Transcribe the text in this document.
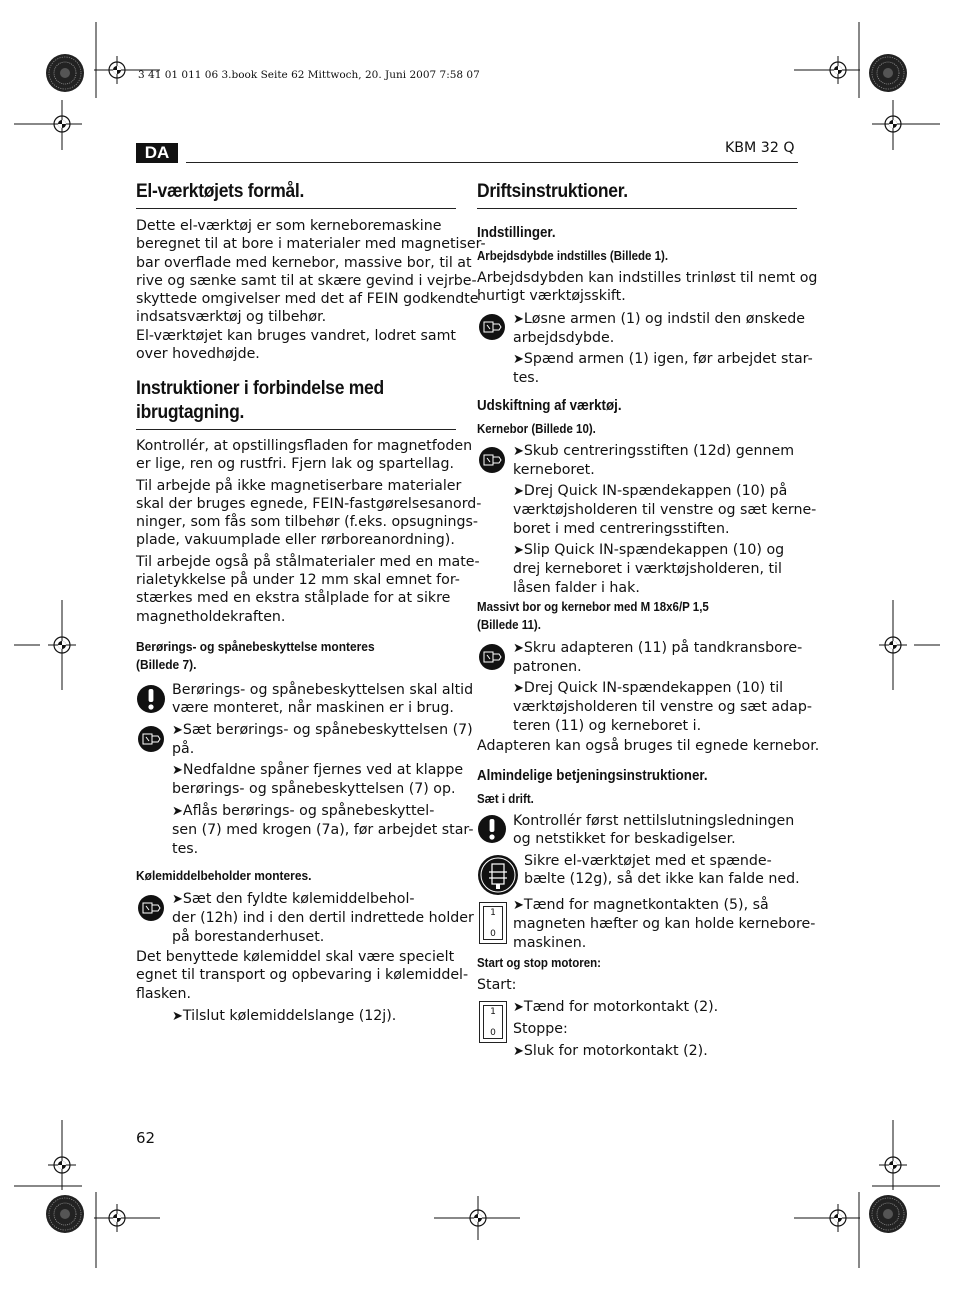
3 41 01 011 06 3.book Seite 62 Mittwoch, 20. Juni 2007 7:58 07
DA	KBM 32 Q
El-værktøjets formål.
Dette el-værktøj er som kerneboremaskine
beregnet til at bore i materialer med magnetiser-
bar overflade med kernebor, massive bor, til at
rive og sænke samt til at skære gevind i vejrbe-
skyttede omgivelser med det af FEIN godkendte
indsatsværktøj og tilbehør.
El-værktøjet kan bruges vandret, lodret samt
over hovedhøjde.
Instruktioner i forbindelse med
ibrugtagning.
Kontrollér, at opstillingsfladen for magnetfoden
er lige, ren og rustfri. Fjern lak og spartellag.
Til arbejde på ikke magnetiserbare materialer
skal der bruges egnede, FEIN-fastgørelsesanord-
ninger, som fås som tilbehør (f.eks. opsugnings-
plade, vakuumplade eller rørboreanordning).
Til arbejde også på stålmaterialer med en mate-
rialetykkelse på under 12 mm skal emnet for-
stærkes med en ekstra stålplade for at sikre
magnetholdekraften.
Berørings- og spånebeskyttelse monteres
(Billede 7).
Berørings- og spånebeskyttelsen skal altid
være monteret, når maskinen er i brug.
➤ Sæt berørings- og spånebeskyttelsen (7)
på.
➤ Nedfaldne spåner fjernes ved at klappe
berørings- og spånebeskyttelsen (7) op.
➤ Aflås berørings- og spånebeskyttel-
sen (7) med krogen (7a), før arbejdet star-
tes.
Kølemiddelbeholder monteres.
➤ Sæt den fyldte kølemiddelbehol-
der (12h) ind i den dertil indrettede holder
på borestanderhuset.
Det benyttede kølemiddel skal være specielt
egnet til transport og opbevaring i kølemiddel-
flasken.
➤ Tilslut kølemiddelslange (12j).
62
Driftsinstruktioner.
Indstillinger.
Arbejdsdybde indstilles (Billede 1).
Arbejdsdybden kan indstilles trinløst til nemt og
hurtigt værktøjsskift.
➤ Løsne armen (1) og indstil den ønskede
arbejdsdybde.
➤ Spænd armen (1) igen, før arbejdet star-
tes.
Udskiftning af værktøj.
Kernebor (Billede 10).
➤ Skub centreringsstiften (12d) gennem
kerneboret.
➤ Drej Quick IN-spændekappen (10) på
værktøjsholderen til venstre og sæt kerne-
boret i med centreringsstiften.
➤ Slip Quick IN-spændekappen (10) og
drej kerneboret i værktøjsholderen, til
låsen falder i hak.
Massivt bor og kernebor med M 18x6/P 1,5
(Billede 11).
➤ Skru adapteren (11) på tandkransbore-
patronen.
➤ Drej Quick IN-spændekappen (10) til
værktøjsholderen til venstre og sæt adap-
teren (11) og kerneboret i.
Adapteren kan også bruges til egnede kernebor.
Almindelige betjeningsinstruktioner.
Sæt i drift.
Kontrollér først nettilslutningsledningen
og netstikket for beskadigelser.
Sikre el-værktøjet med et spænde-
bælte (12g), så det ikke kan falde ned.
1
0
➤ Tænd for magnetkontakten (5), så
magneten hæfter og kan holde kernebore-
maskinen.
Start og stop motoren:
Start:
1
0
➤ Tænd for motorkontakt (2).
Stoppe:
➤ Sluk for motorkontakt (2).
